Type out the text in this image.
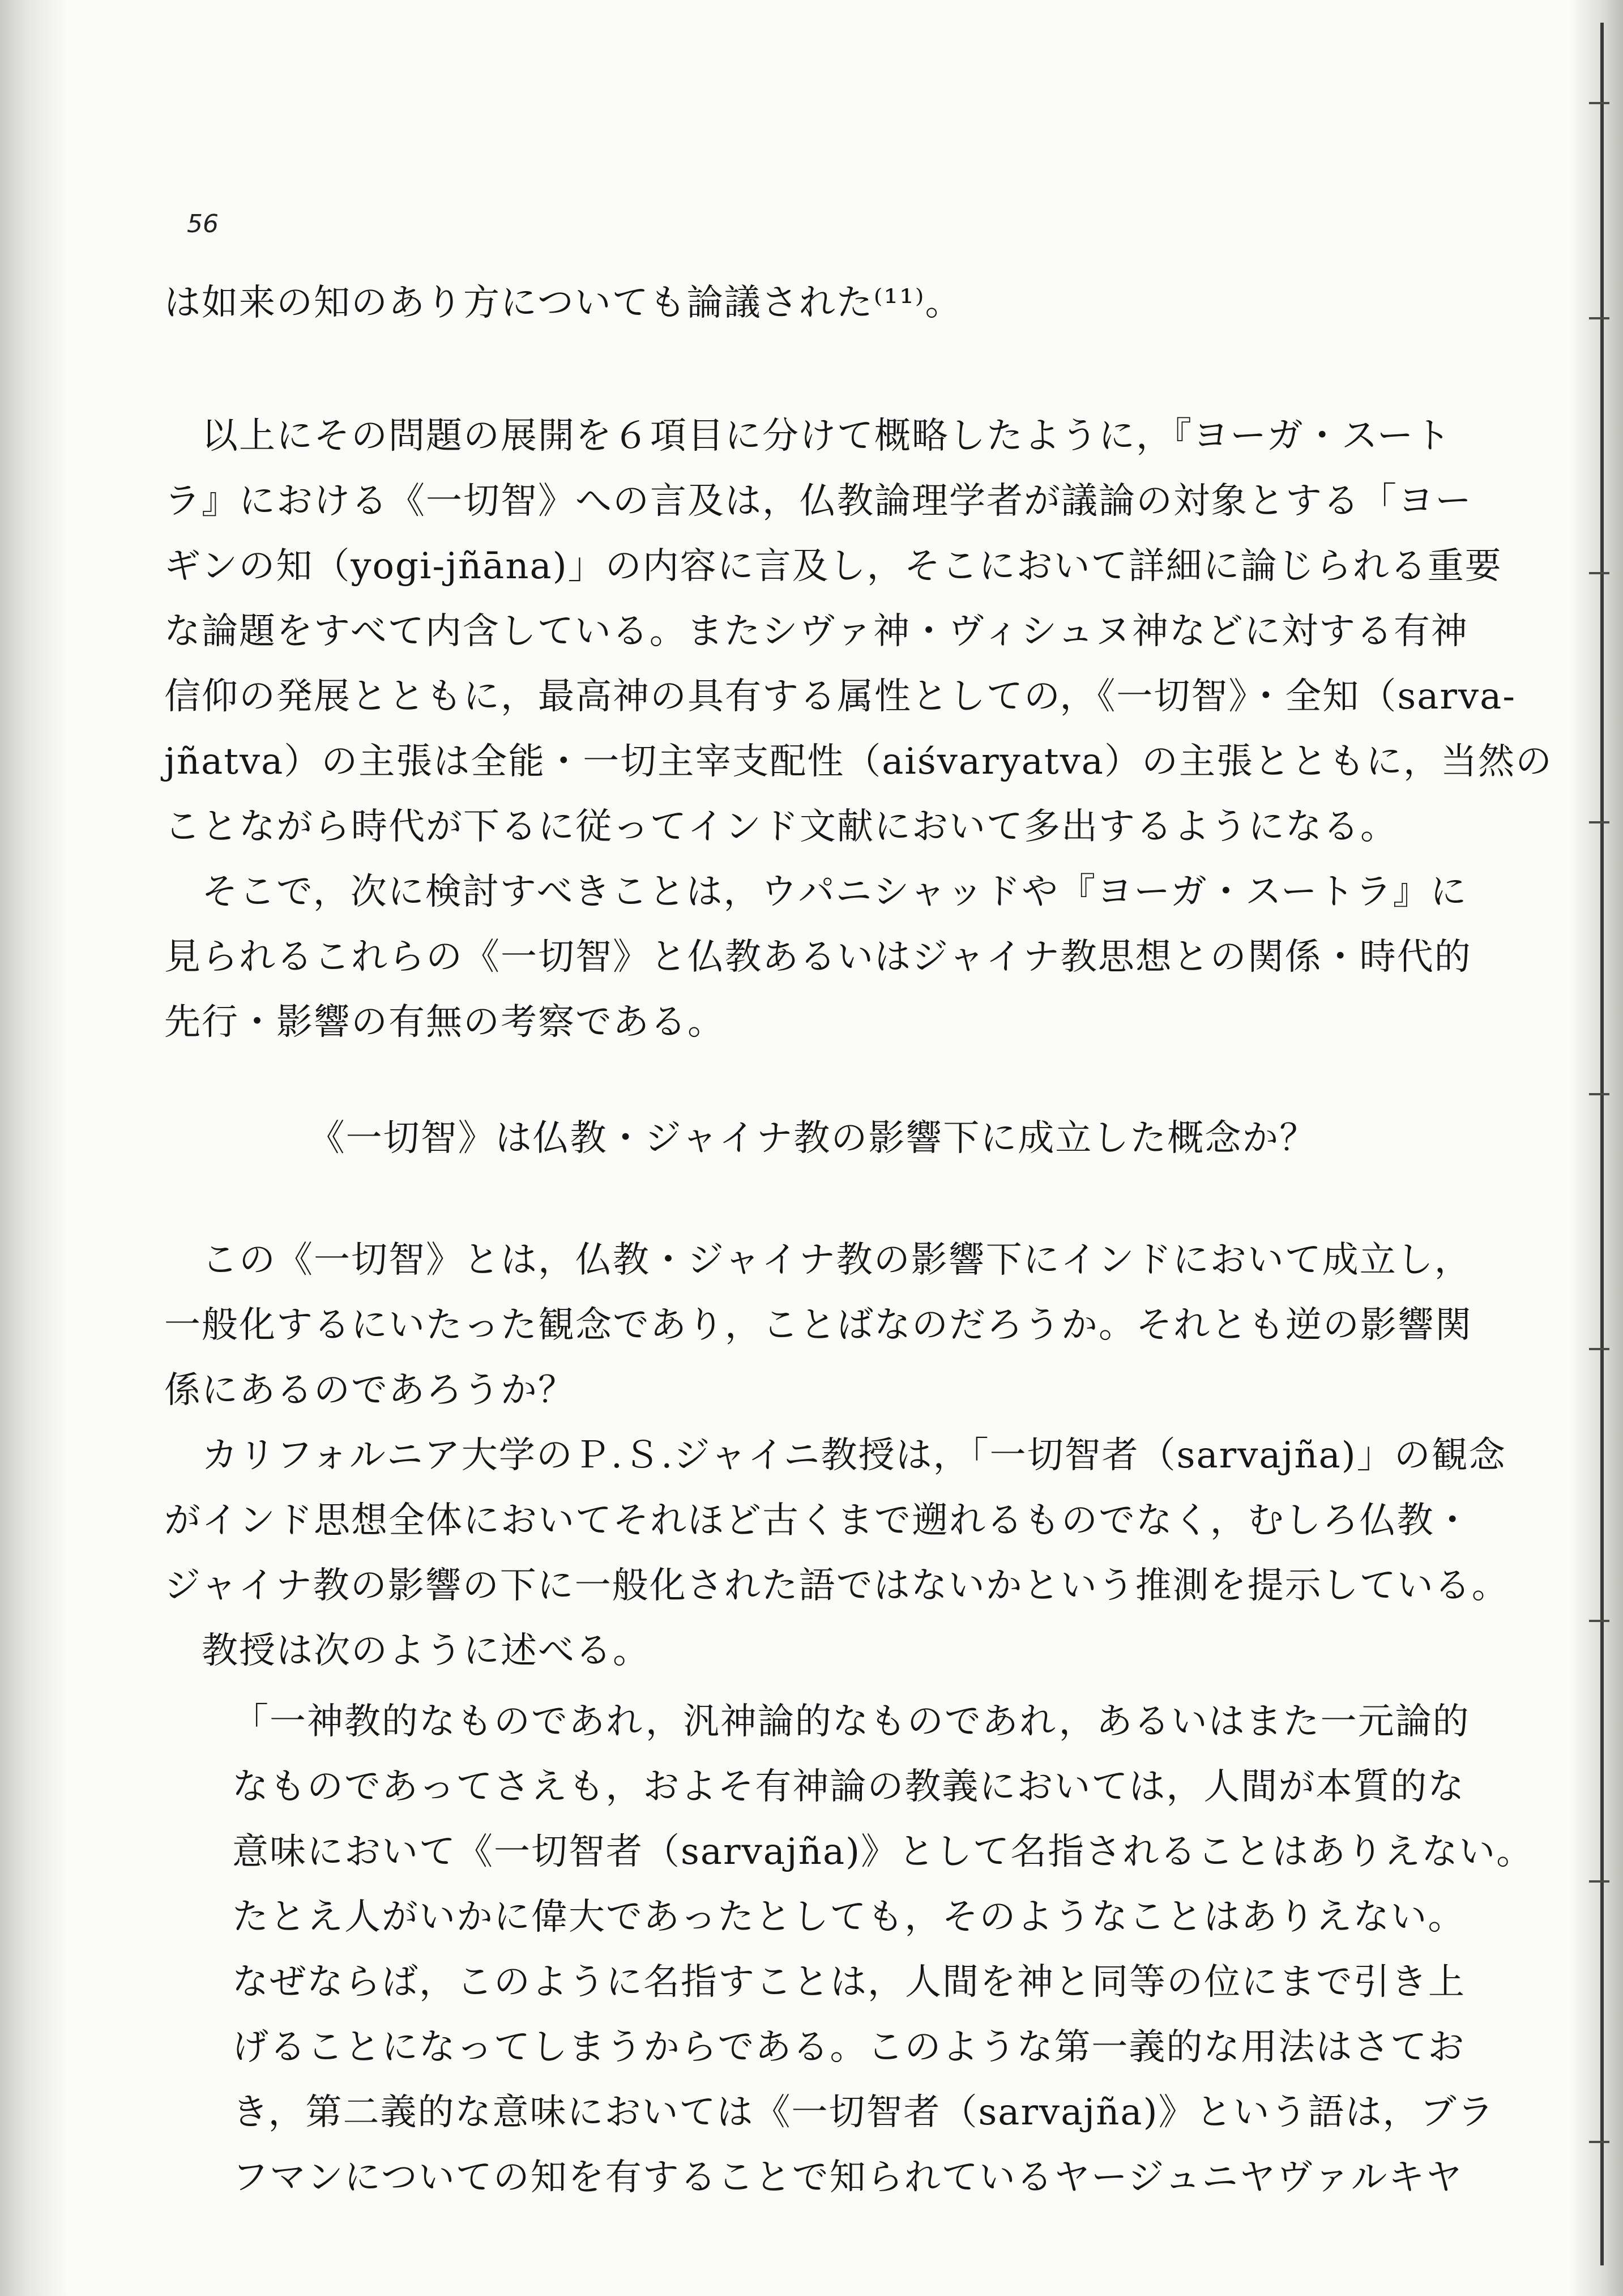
56
は如来の知のあり方についても論議された⁽¹¹⁾。
　以上にその問題の展開を６項目に分けて概略したように，『ヨーガ・スート
ラ』における《一切智》への言及は，仏教論理学者が議論の対象とする「ヨー
ギンの知（yogi-jñāna)」の内容に言及し，そこにおいて詳細に論じられる重要
な論題をすべて内含している。またシヴァ神・ヴィシュヌ神などに対する有神
信仰の発展とともに，最高神の具有する属性としての，《一切智》・全知（sarva-
jñatva）の主張は全能・一切主宰支配性（aiśvaryatva）の主張とともに，当然の
ことながら時代が下るに従ってインド文献において多出するようになる。
　そこで，次に検討すべきことは，ウパニシャッドや『ヨーガ・スートラ』に
見られるこれらの《一切智》と仏教あるいはジャイナ教思想との関係・時代的
先行・影響の有無の考察である。
《一切智》は仏教・ジャイナ教の影響下に成立した概念か？
　この《一切智》とは，仏教・ジャイナ教の影響下にインドにおいて成立し，
一般化するにいたった観念であり，ことばなのだろうか。それとも逆の影響関
係にあるのであろうか？
　カリフォルニア大学のＰ.Ｓ.ジャイニ教授は，「一切智者（sarvajña)」の観念
がインド思想全体においてそれほど古くまで遡れるものでなく，むしろ仏教・
ジャイナ教の影響の下に一般化された語ではないかという推測を提示している。
　教授は次のように述べる。
「一神教的なものであれ，汎神論的なものであれ，あるいはまた一元論的
なものであってさえも，およそ有神論の教義においては，人間が本質的な
意味において《一切智者（sarvajña)》として名指されることはありえない。
たとえ人がいかに偉大であったとしても，そのようなことはありえない。
なぜならば，このように名指すことは，人間を神と同等の位にまで引き上
げることになってしまうからである。このような第一義的な用法はさてお
き，第二義的な意味においては《一切智者（sarvajña)》という語は，ブラ
フマンについての知を有することで知られているヤージュニヤヴァルキヤ
